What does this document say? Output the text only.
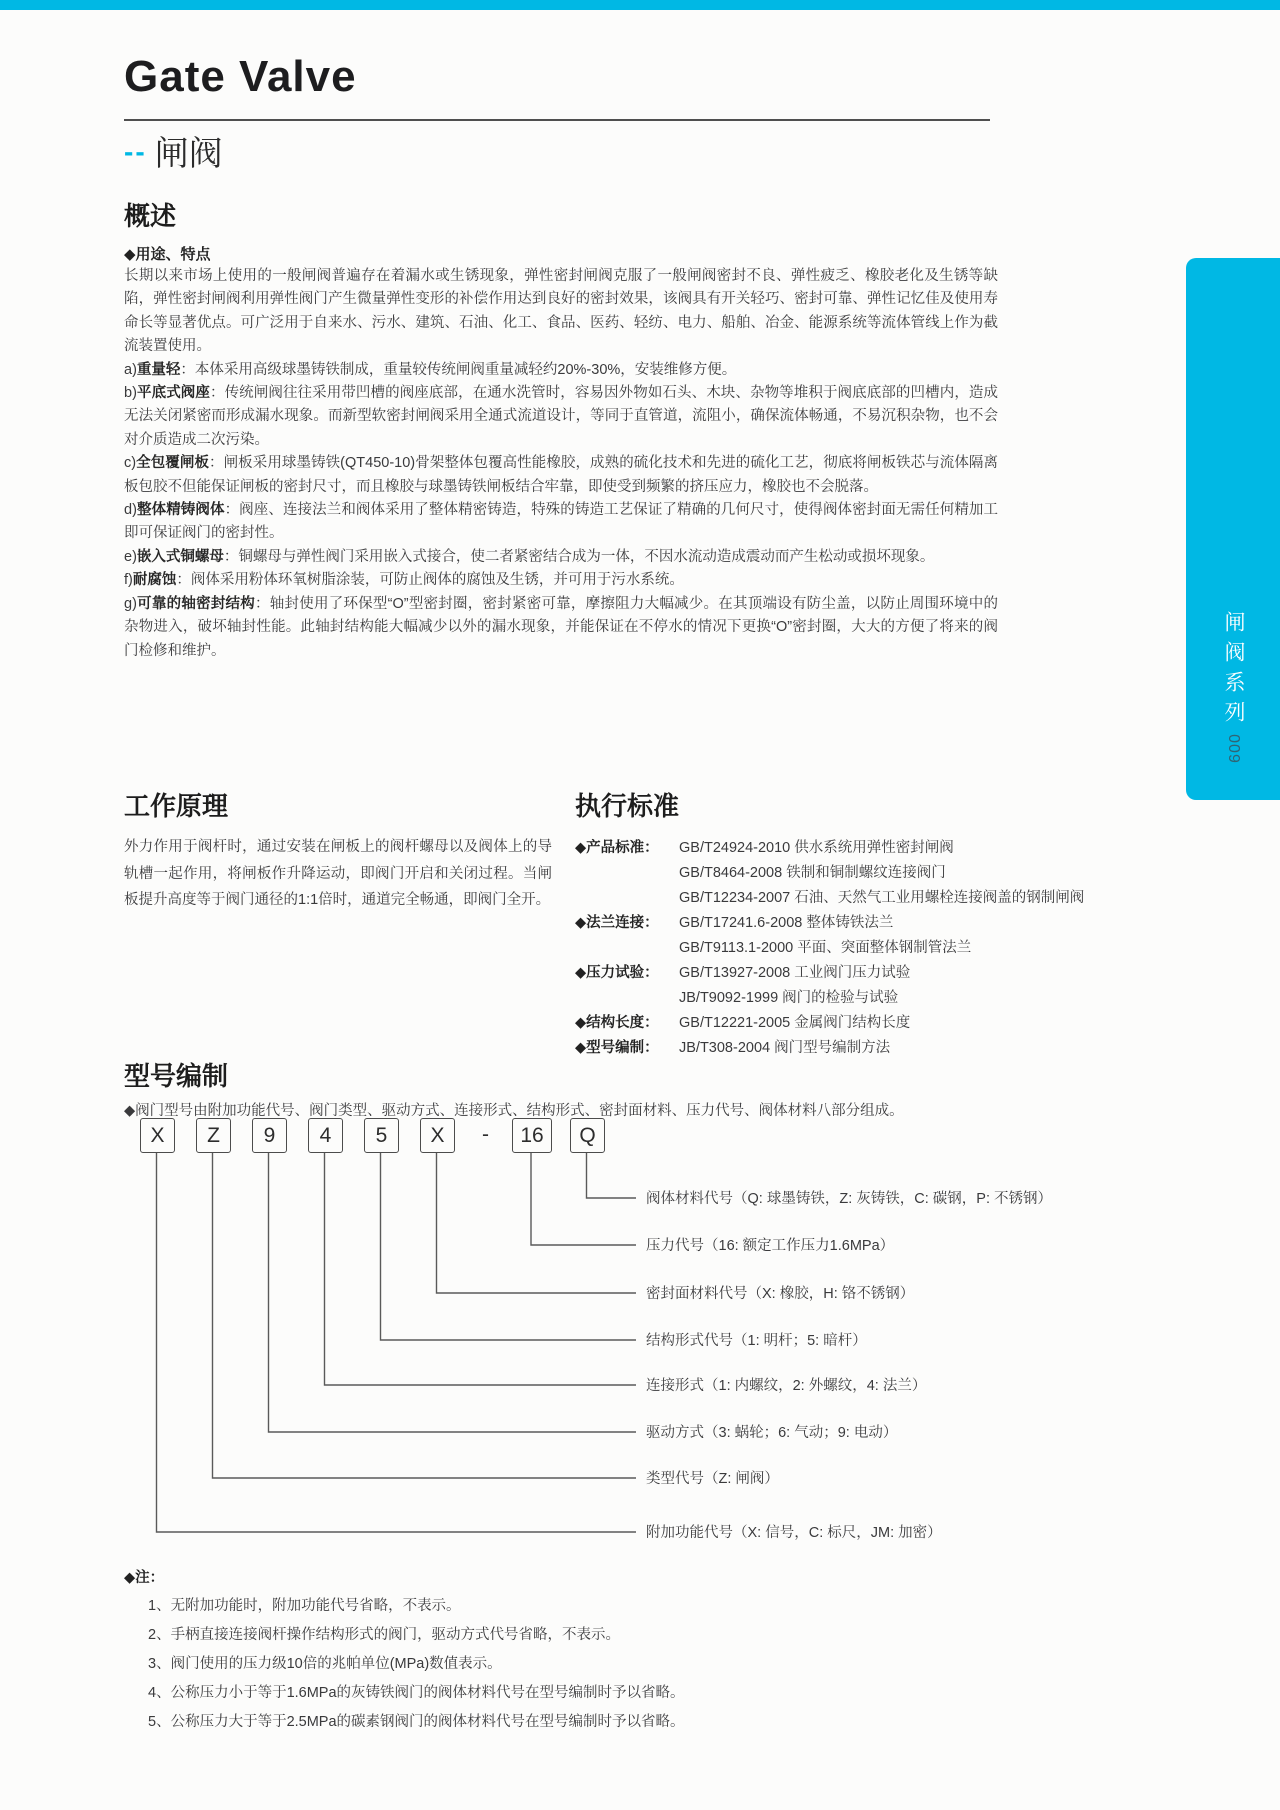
Gate Valve
-- 闸阀
闸阀系列
009
概述
◆用途、特点

长期以来市场上使用的一般闸阀普遍存在着漏水或生锈现象，弹性密封闸阀克服了一般闸阀密封不良、弹性疲乏、橡胶老化及生锈等缺陷，弹性密封闸阀利用弹性阀门产生微量弹性变形的补偿作用达到良好的密封效果，该阀具有开关轻巧、密封可靠、弹性记忆佳及使用寿命长等显著优点。可广泛用于自来水、污水、建筑、石油、化工、食品、医药、轻纺、电力、船舶、冶金、能源系统等流体管线上作为截流装置使用。

a)重量轻：本体采用高级球墨铸铁制成，重量较传统闸阀重量减轻约20%-30%，安装维修方便。

b)平底式阀座：传统闸阀往往采用带凹槽的阀座底部，在通水洗管时，容易因外物如石头、木块、杂物等堆积于阀底底部的凹槽内，造成无法关闭紧密而形成漏水现象。而新型软密封闸阀采用全通式流道设计，等同于直管道，流阻小，确保流体畅通，不易沉积杂物，也不会对介质造成二次污染。

c)全包覆闸板：闸板采用球墨铸铁(QT450-10)骨架整体包覆高性能橡胶，成熟的硫化技术和先进的硫化工艺，彻底将闸板铁芯与流体隔离板包胶不但能保证闸板的密封尺寸，而且橡胶与球墨铸铁闸板结合牢靠，即使受到频繁的挤压应力，橡胶也不会脱落。

d)整体精铸阀体：阀座、连接法兰和阀体采用了整体精密铸造，特殊的铸造工艺保证了精确的几何尺寸，使得阀体密封面无需任何精加工即可保证阀门的密封性。

e)嵌入式铜螺母：铜螺母与弹性阀门采用嵌入式接合，使二者紧密结合成为一体，不因水流动造成震动而产生松动或损坏现象。

f)耐腐蚀：阀体采用粉体环氧树脂涂装，可防止阀体的腐蚀及生锈，并可用于污水系统。

g)可靠的轴密封结构：轴封使用了环保型“O”型密封圈，密封紧密可靠，摩擦阻力大幅减少。在其顶端设有防尘盖，以防止周围环境中的杂物进入，破坏轴封性能。此轴封结构能大幅减少以外的漏水现象，并能保证在不停水的情况下更换“O”密封圈，大大的方便了将来的阀门检修和维护。

工作原理
外力作用于阀杆时，通过安装在闸板上的阀杆螺母以及阀体上的导轨槽一起作用，将闸板作升降运动，即阀门开启和关闭过程。当闸板提升高度等于阀门通径的1:1倍时，通道完全畅通，即阀门全开。
执行标准
◆产品标准：	GB/T24924-2010 供水系统用弹性密封闸阀
GB/T8464-2008 铁制和铜制螺纹连接阀门
GB/T12234-2007 石油、天然气工业用螺栓连接阀盖的钢制闸阀
◆法兰连接：	GB/T17241.6-2008 整体铸铁法兰
GB/T9113.1-2000 平面、突面整体钢制管法兰
◆压力试验：	GB/T13927-2008 工业阀门压力试验
JB/T9092-1999 阀门的检验与试验
◆结构长度：	GB/T12221-2005 金属阀门结构长度
◆型号编制：	JB/T308-2004 阀门型号编制方法
型号编制
◆阀门型号由附加功能代号、阀门类型、驱动方式、连接形式、结构形式、密封面材料、压力代号、阀体材料八部分组成。
X	Z	9	4	5	X	-	16	Q
阀体材料代号（Q: 球墨铸铁，Z: 灰铸铁，C: 碳钢，P: 不锈钢）
压力代号（16: 额定工作压力1.6MPa）
密封面材料代号（X: 橡胶，H: 铬不锈钢）
结构形式代号（1: 明杆；5: 暗杆）
连接形式（1: 内螺纹，2: 外螺纹，4: 法兰）
驱动方式（3: 蜗轮；6: 气动；9: 电动）
类型代号（Z: 闸阀）
附加功能代号（X: 信号，C: 标尺，JM: 加密）
◆注：
1、无附加功能时，附加功能代号省略，不表示。
2、手柄直接连接阀杆操作结构形式的阀门，驱动方式代号省略，不表示。
3、阀门使用的压力级10倍的兆帕单位(MPa)数值表示。
4、公称压力小于等于1.6MPa的灰铸铁阀门的阀体材料代号在型号编制时予以省略。
5、公称压力大于等于2.5MPa的碳素钢阀门的阀体材料代号在型号编制时予以省略。
